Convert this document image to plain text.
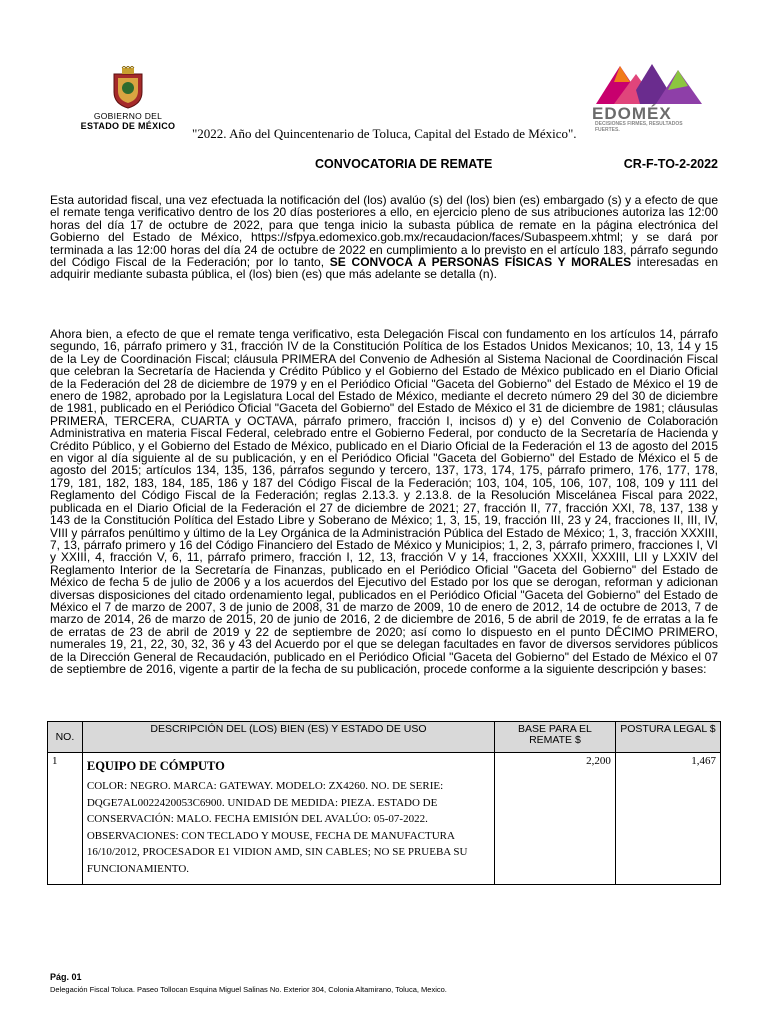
GOBIERNO DEL
ESTADO DE MÉXICO "2022. Año del Quincentenario de Toluca, Capital del Estado de México".
EDOMÉX
DECISIONES FIRMES, RESULTADOS FUERTES.
CONVOCATORIA DE REMATE	CR-F-TO-2-2022
Esta autoridad fiscal, una vez efectuada la notificación del (los) avalúo (s) del (los) bien (es) embargado (s) y a efecto de que el remate tenga verificativo dentro de los 20 días posteriores a ello, en ejercicio pleno de sus atribuciones autoriza las 12:00 horas del día 17 de octubre de 2022, para que tenga inicio la subasta pública de remate en la página electrónica del Gobierno del Estado de México, https://sfpya.edomexico.gob.mx/recaudacion/faces/Subaspeem.xhtml; y se dará por terminada a las 12:00 horas del día 24 de octubre de 2022 en cumplimiento a lo previsto en el artículo 183, párrafo segundo del Código Fiscal de la Federación; por lo tanto, SE CONVOCA A PERSONAS FÍSICAS Y MORALES interesadas en adquirir mediante subasta pública, el (los) bien (es) que más adelante se detalla (n).
Ahora bien, a efecto de que el remate tenga verificativo, esta Delegación Fiscal con fundamento en los artículos 14, párrafo segundo, 16, párrafo primero y 31, fracción IV de la Constitución Política de los Estados Unidos Mexicanos; 10, 13, 14 y 15 de la Ley de Coordinación Fiscal; cláusula PRIMERA del Convenio de Adhesión al Sistema Nacional de Coordinación Fiscal que celebran la Secretaría de Hacienda y Crédito Público y el Gobierno del Estado de México publicado en el Diario Oficial de la Federación del 28 de diciembre de 1979 y en el Periódico Oficial "Gaceta del Gobierno" del Estado de México el 19 de enero de 1982, aprobado por la Legislatura Local del Estado de México, mediante el decreto número 29 del 30 de diciembre de 1981, publicado en el Periódico Oficial "Gaceta del Gobierno" del Estado de México el 31 de diciembre de 1981; cláusulas PRIMERA, TERCERA, CUARTA y OCTAVA, párrafo primero, fracción I, incisos d) y e) del Convenio de Colaboración Administrativa en materia Fiscal Federal, celebrado entre el Gobierno Federal, por conducto de la Secretaría de Hacienda y Crédito Público, y el Gobierno del Estado de México, publicado en el Diario Oficial de la Federación el 13 de agosto del 2015 en vigor al día siguiente al de su publicación, y en el Periódico Oficial "Gaceta del Gobierno" del Estado de México el 5 de agosto del 2015; artículos 134, 135, 136, párrafos segundo y tercero, 137, 173, 174, 175, párrafo primero, 176, 177, 178, 179, 181, 182, 183, 184, 185, 186 y 187 del Código Fiscal de la Federación; 103, 104, 105, 106, 107, 108, 109 y 111 del Reglamento del Código Fiscal de la Federación; reglas 2.13.3. y 2.13.8. de la Resolución Miscelánea Fiscal para 2022, publicada en el Diario Oficial de la Federación el 27 de diciembre de 2021; 27, fracción II, 77, fracción XXI, 78, 137, 138 y 143 de la Constitución Política del Estado Libre y Soberano de México; 1, 3, 15, 19, fracción III, 23 y 24, fracciones II, III, IV, VIII y párrafos penúltimo y último de la Ley Orgánica de la Administración Pública del Estado de México; 1, 3, fracción XXXIII, 7, 13, párrafo primero y 16 del Código Financiero del Estado de México y Municipios; 1, 2, 3, párrafo primero, fracciones I, VI y XXIII, 4, fracción V, 6, 11, párrafo primero, fracción I, 12, 13, fracción V y 14, fracciones XXXII, XXXIII, LII y LXXIV del Reglamento Interior de la Secretaría de Finanzas, publicado en el Periódico Oficial "Gaceta del Gobierno" del Estado de México de fecha 5 de julio de 2006 y a los acuerdos del Ejecutivo del Estado por los que se derogan, reforman y adicionan diversas disposiciones del citado ordenamiento legal, publicados en el Periódico Oficial "Gaceta del Gobierno" del Estado de México el 7 de marzo de 2007, 3 de junio de 2008, 31 de marzo de 2009, 10 de enero de 2012, 14 de octubre de 2013, 7 de marzo de 2014, 26 de marzo de 2015, 20 de junio de 2016, 2 de diciembre de 2016, 5 de abril de 2019, fe de erratas a la fe de erratas de 23 de abril de 2019 y 22 de septiembre de 2020; así como lo dispuesto en el punto DÉCIMO PRIMERO, numerales 19, 21, 22, 30, 32, 36 y 43 del Acuerdo por el que se delegan facultades en favor de diversos servidores públicos de la Dirección General de Recaudación, publicado en el Periódico Oficial "Gaceta del Gobierno" del Estado de México el 07 de septiembre de 2016, vigente a partir de la fecha de su publicación, procede conforme a la siguiente descripción y bases:
NO.	DESCRIPCIÓN DEL (LOS) BIEN (ES) Y ESTADO DE USO	BASE PARA EL REMATE $	POSTURA LEGAL $
1	EQUIPO DE CÓMPUTO
COLOR: NEGRO. MARCA: GATEWAY. MODELO: ZX4260. NO. DE SERIE: DQGE7AL0022420053C6900. UNIDAD DE MEDIDA: PIEZA. ESTADO DE CONSERVACIÓN: MALO. FECHA EMISIÓN DEL AVALÚO: 05-07-2022. OBSERVACIONES: CON TECLADO Y MOUSE, FECHA DE MANUFACTURA 16/10/2012, PROCESADOR E1 VIDION AMD, SIN CABLES; NO SE PRUEBA SU FUNCIONAMIENTO.	2,200	1,467
Pág. 01
Delegación Fiscal Toluca. Paseo Tollocan Esquina Miguel Salinas No. Exterior 304, Colonia Altamirano, Toluca, Mexico.
